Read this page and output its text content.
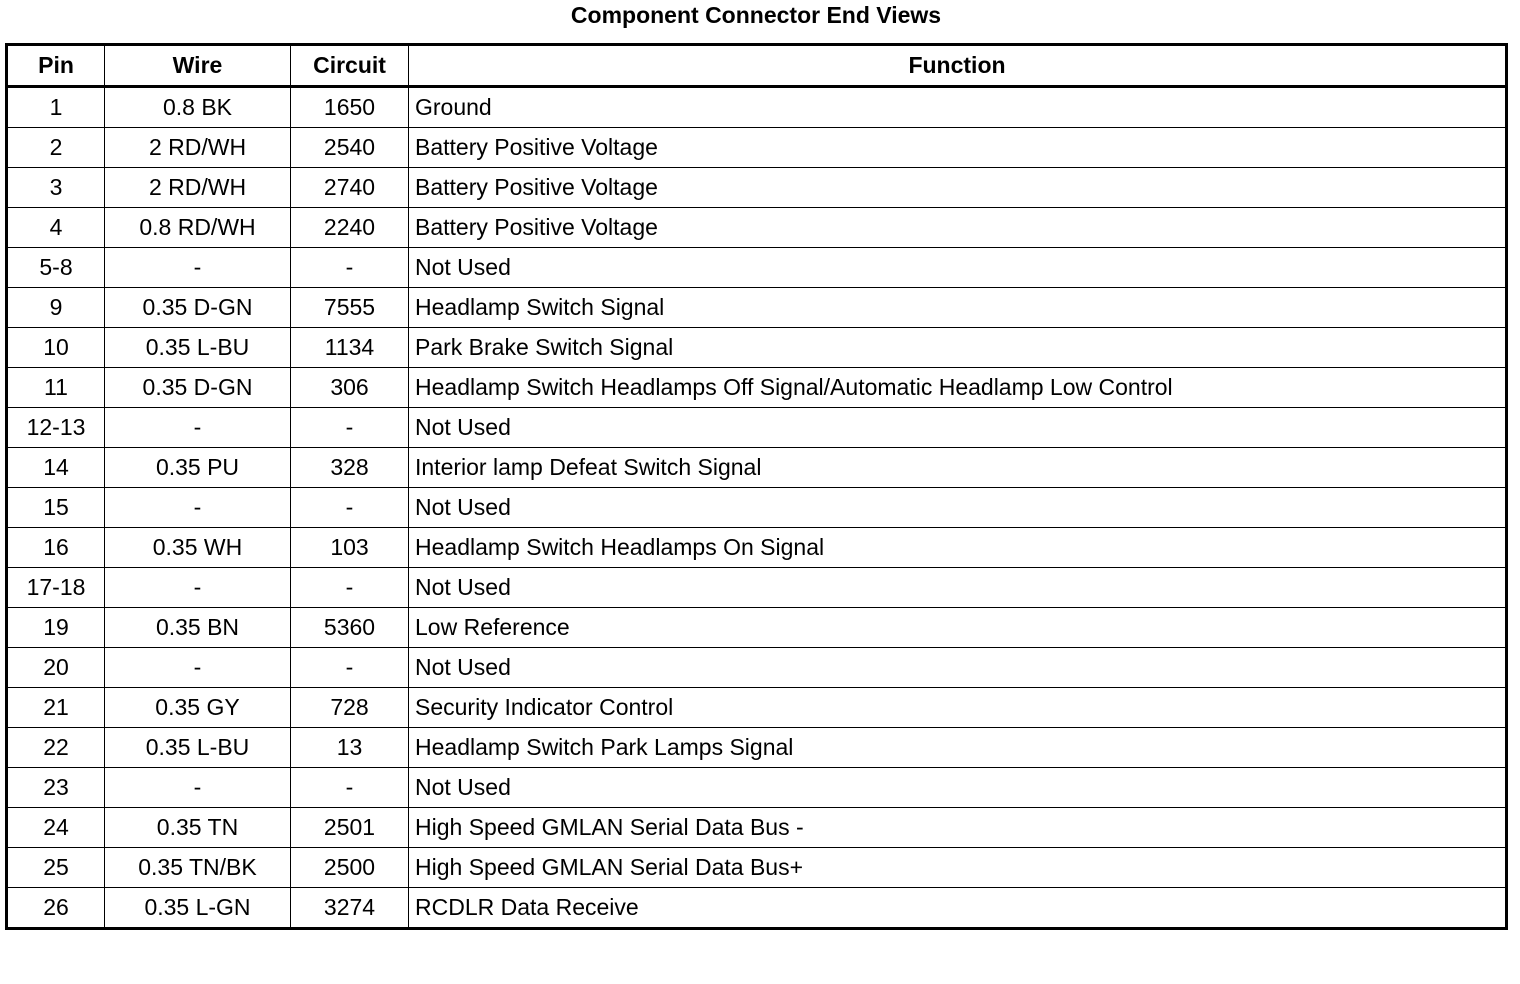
Component Connector End Views
Pin	Wire	Circuit	Function
1	0.8 BK	1650	Ground
2	2 RD/WH	2540	Battery Positive Voltage
3	2 RD/WH	2740	Battery Positive Voltage
4	0.8 RD/WH	2240	Battery Positive Voltage
5-8	-	-	Not Used
9	0.35 D-GN	7555	Headlamp Switch Signal
10	0.35 L-BU	1134	Park Brake Switch Signal
11	0.35 D-GN	306	Headlamp Switch Headlamps Off Signal/Automatic Headlamp Low Control
12-13	-	-	Not Used
14	0.35 PU	328	Interior lamp Defeat Switch Signal
15	-	-	Not Used
16	0.35 WH	103	Headlamp Switch Headlamps On Signal
17-18	-	-	Not Used
19	0.35 BN	5360	Low Reference
20	-	-	Not Used
21	0.35 GY	728	Security Indicator Control
22	0.35 L-BU	13	Headlamp Switch Park Lamps Signal
23	-	-	Not Used
24	0.35 TN	2501	High Speed GMLAN Serial Data Bus -
25	0.35 TN/BK	2500	High Speed GMLAN Serial Data Bus+
26	0.35 L-GN	3274	RCDLR Data Receive
